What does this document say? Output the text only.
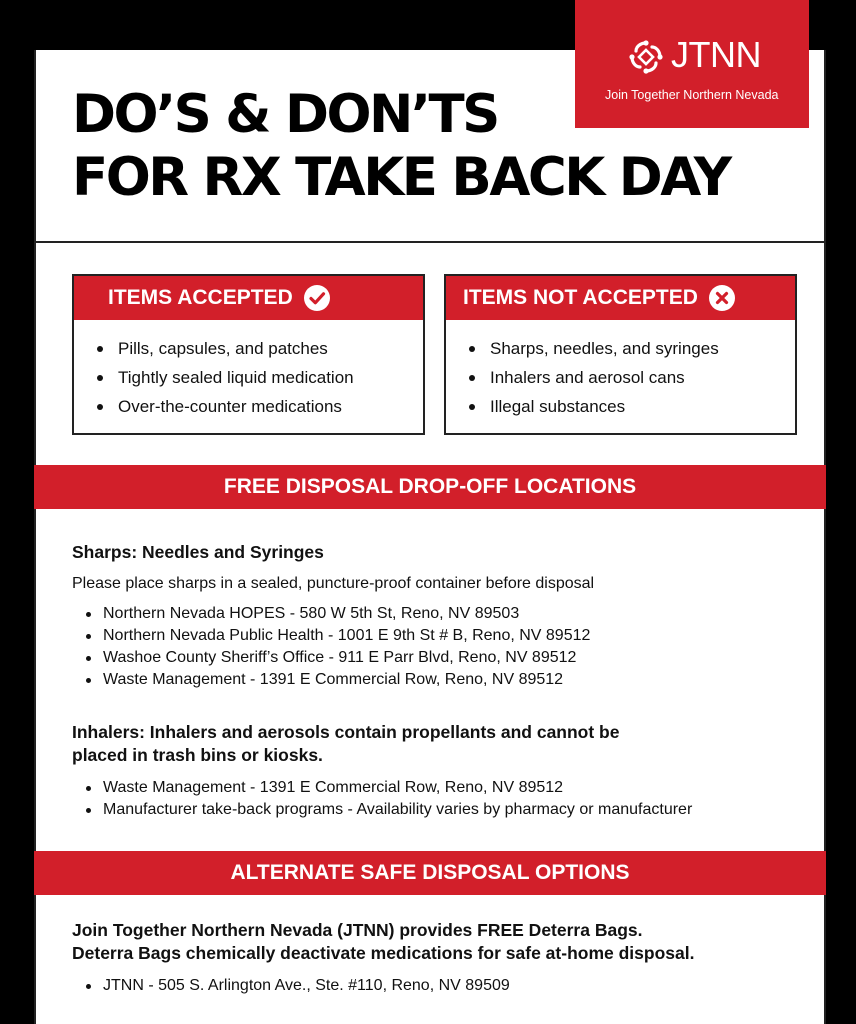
JTNN
Join Together Northern Nevada
DO’S & DON’TS
FOR RX TAKE BACK DAY
ITEMS ACCEPTED
Pills, capsules, and patches
Tightly sealed liquid medication
Over-the-counter medications
ITEMS NOT ACCEPTED
Sharps, needles, and syringes
Inhalers and aerosol cans
Illegal substances
FREE DISPOSAL DROP-OFF LOCATIONS
Sharps: Needles and Syringes
Please place sharps in a sealed, puncture-proof container before disposal
Northern Nevada HOPES - 580 W 5th St, Reno, NV 89503
Northern Nevada Public Health - 1001 E 9th St # B, Reno, NV 89512
Washoe County Sheriff’s Office - 911 E Parr Blvd, Reno, NV 89512
Waste Management - 1391 E Commercial Row, Reno, NV 89512
Inhalers: Inhalers and aerosols contain propellants and cannot be
placed in trash bins or kiosks.
Waste Management - 1391 E Commercial Row, Reno, NV 89512
Manufacturer take-back programs - Availability varies by pharmacy or manufacturer
ALTERNATE SAFE DISPOSAL OPTIONS
Join Together Northern Nevada (JTNN) provides FREE Deterra Bags.
Deterra Bags chemically deactivate medications for safe at-home disposal.
JTNN - 505 S. Arlington Ave., Ste. #110, Reno, NV 89509
